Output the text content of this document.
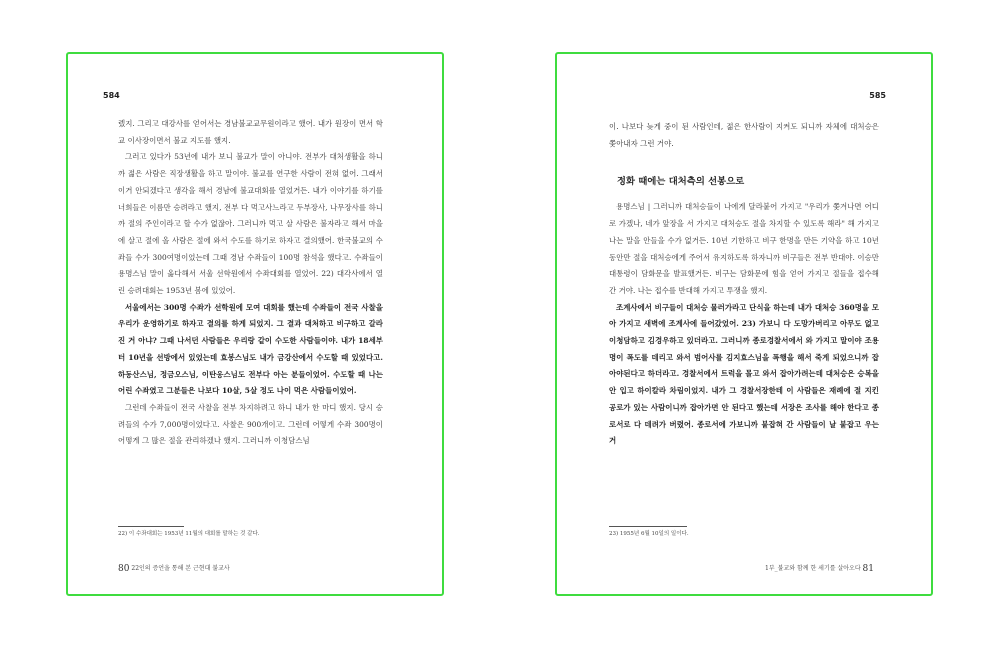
584

렜지. 그리고 대강사를 얻어서는 경남불교교무원이라고 했어. 내가 원장이 면서 학교 이사장이면서 불교 지도를 했지.

그러고 있다가 53년에 내가 보니 불교가 말이 아니야. 전부가 대처생활을 하니까 젊은 사람은 직장생활을 하고 말이야. 불교를 연구한 사람이 전혀 없어. 그래서 이거 안되겠다고 생각을 해서 경남에 불교대회를 열었거든. 내가 이야기를 하기를 너희들은 이름만 승려라고 했지, 전부 다 먹고사느라고 두부장사, 나무장사를 하니까 절의 주인이라고 할 수가 없잖아. 그러니까 먹고 살 사람은 불자라고 해서 마을에 살고 절에 올 사람은 절에 와서 수도를 하기로 하자고 결의했어. 한국불교의 수좌들 수가 300여명이었는데 그때 경남 수좌들이 100명 참석을 했다고. 수좌들이 용명스님 말이 옳다해서 서울 선학원에서 수좌대회를 열었어. 22) 대각사에서 열린 승려대회는 1953년 봄에 있었어.

서울에서는 300명 수좌가 선학원에 모여 대회를 했는데 수좌들이 전국 사찰을 우리가 운영하기로 하자고 결의를 하게 되었지. 그 결과 대처하고 비구하고 갈라진 거 아냐? 그때 나서던 사람들은 우리랑 같이 수도한 사람들이야. 내가 18세부터 10년을 선방에서 있었는데 효봉스님도 내가 금강산에서 수도할 때 있었다고. 하동산스님, 정금오스님, 이탄옹스님도 전부다 아는 분들이었어. 수도할 때 나는 어린 수좌였고 그분들은 나보다 10살, 5살 정도 나이 먹은 사람들이었어.

그런데 수좌들이 전국 사찰을 전부 차지하려고 하니 내가 한 마디 했지. 당시 승려들의 수가 7,000명이었다고. 사찰은 900개이고. 그런데 어떻게 수좌 300명이 어떻게 그 많은 절을 관리하겠나 했지. 그러니까 이청담스님

22) 이 수좌대회는 1953년 11월의 대회를 말하는 것 같다.
80 22인의 증언을 통해 본 근현대 불교사
585

이. 나보다 늦게 중이 된 사람인데, 젊은 한사람이 지켜도 되니까 자체에 대처승은 쫓아내자 그런 거야.

정화 때에는 대처측의 선봉으로

용명스님 | 그러니까 대처승들이 나에게 달라붙어 가지고 "우리가 쫓겨나면 어디로 가겠나, 네가 앞장을 서 가지고 대처승도 절을 차지할 수 있도록 해라" 해 가지고 나는 말을 안들을 수가 없거든. 10년 기한하고 비구 한명을 만든 기약을 하고 10년 동안만 절을 대처승에게 주어서 유지하도록 하자니까 비구들은 전부 반대야. 이승만 대통령이 담화문을 발표했거든. 비구는 담화문에 힘을 얻어 가지고 절들을 접수해 간 거야. 나는 접수를 반대해 가지고 투쟁을 했지.

조계사에서 비구들이 대처승 물러가라고 단식을 하는데 내가 대처승 360명을 모아 가지고 새벽에 조계사에 들어갔었어. 23) 가보니 다 도망가버리고 아무도 없고 이청담하고 김경우하고 있더라고. 그러니까 종로경찰서에서 와 가지고 말이야 조용명이 폭도를 데리고 와서 범어사를 김지효스님을 폭행을 해서 죽게 되었으니까 잡아야된다고 하더라고. 경찰서에서 트럭을 몰고 와서 잡아가려는데 대처승은 승복을 안 입고 하이칼라 차림이었지. 내가 그 경찰서장한테 이 사람들은 재례에 절 지킨 공로가 있는 사람이니까 잡아가면 안 된다고 했는데 서장은 조사를 해야 한다고 종로서로 다 데려가 버렸어. 종로서에 가보니까 붙잡혀 간 사람들이 날 붙잡고 우는 거

23) 1955년 6월 10일의 일이다.
1부_불교와 함께 한 세기를 살아오다 81
